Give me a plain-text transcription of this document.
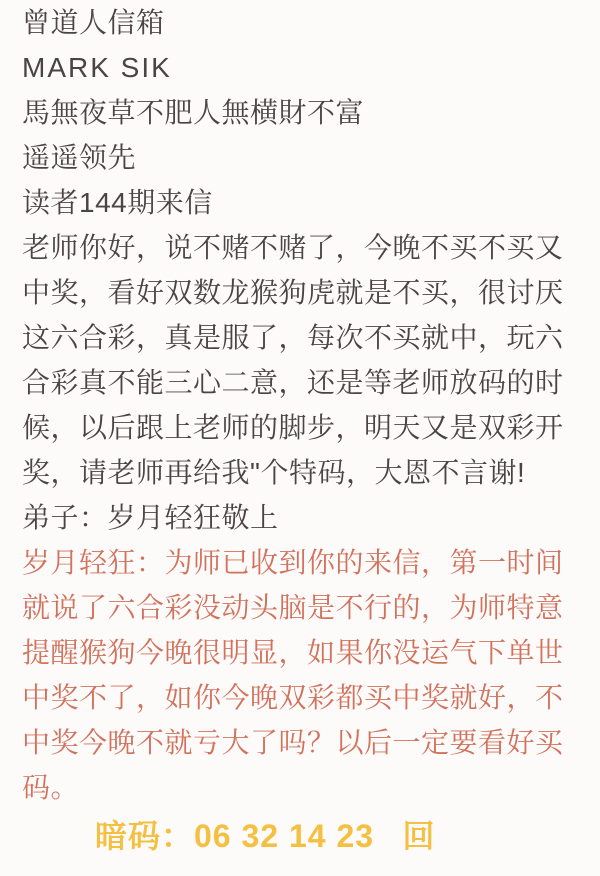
曾道人信箱
MARK SIK
馬無夜草不肥人無横財不富
遥遥领先
读者144期来信
老师你好，说不赌不赌了，今晚不买不买又
中奖，看好双数龙猴狗虎就是不买，很讨厌
这六合彩，真是服了，每次不买就中，玩六
合彩真不能三心二意，还是等老师放码的时
候，以后跟上老师的脚步，明天又是双彩开
奖，请老师再给我"个特码，大恩不言谢!
弟子：岁月轻狂敬上
岁月轻狂：为师已收到你的来信，第一时间
就说了六合彩没动头脑是不行的，为师特意
提醒猴狗今晚很明显，如果你没运气下单世
中奖不了，如你今晚双彩都买中奖就好，不
中奖今晚不就亏大了吗？以后一定要看好买
码。
暗码：06 32 14 23 回
